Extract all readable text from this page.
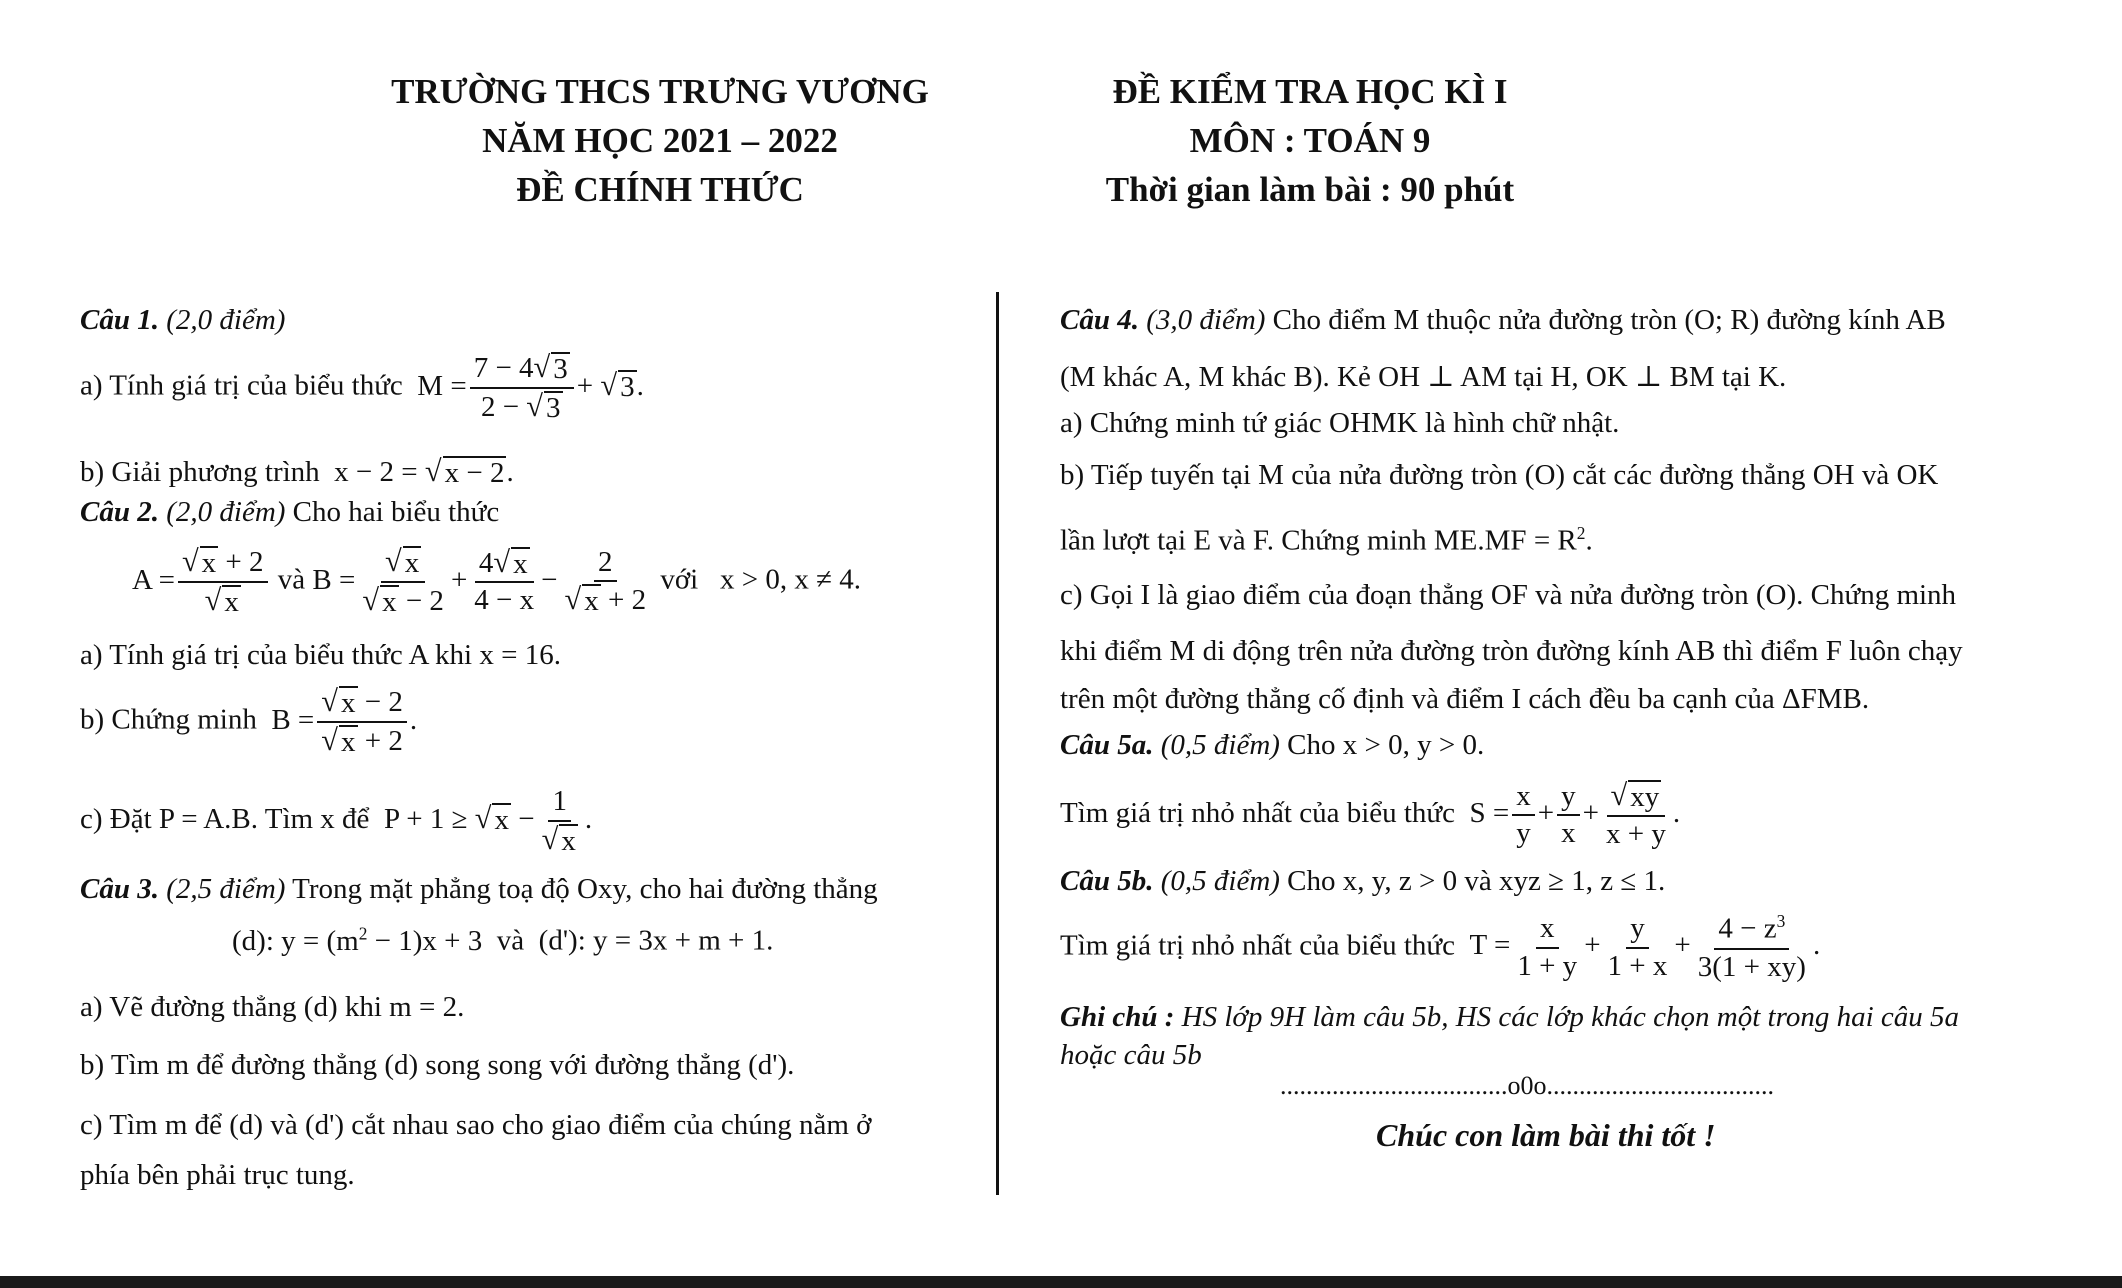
TRƯỜNG THCS TRƯNG VƯƠNG
NĂM HỌC 2021 – 2022
ĐỀ CHÍNH THỨC
ĐỀ KIỂM TRA HỌC KÌ I
MÔN : TOÁN 9
Thời gian làm bài : 90 phút
Câu 1. (2,0 điểm)
a) Tính giá trị của biểu thức  $M = \frac{7 - 4 √ 3}{2 - √ 3}$ + √ 3 .
b) Giải phương trình  x − 2 = √ x − 2 .
Câu 2. (2,0 điểm) Cho hai biểu thức
$A = \frac{√ x + 2}{√ x}$ và $B = \frac{√ x}{√ x - 2} + \frac{4 √ x}{4 - x} - \frac{2}{√ x + 2}$ với x > 0, x ≠ 4.
a) Tính giá trị của biểu thức A khi x = 16.
b) Chứng minh  $B = \frac{√ x - 2}{√ x + 2}$ .
c) Đặt P = A.B. Tìm x để  P + 1 ≥ √ $x - \frac{1}{√ x}$ .
Câu 3. (2,5 điểm) Trong mặt phẳng toạ độ Oxy, cho hai đường thẳng
(d): $y = (m^2 - 1)x + 3$ và (d'): y = 3x + m + 1.
a) Vẽ đường thẳng (d) khi m = 2.
b) Tìm m để đường thẳng (d) song song với đường thẳng (d').
c) Tìm m để (d) và (d') cắt nhau sao cho giao điểm của chúng nằm ở
phía bên phải trục tung.
Câu 4. (3,0 điểm) Cho điểm M thuộc nửa đường tròn (O; R) đường kính AB
(M khác A, M khác B). Kẻ OH ⊥ AM tại H, OK ⊥ BM tại K.
a) Chứng minh tứ giác OHMK là hình chữ nhật.
b) Tiếp tuyến tại M của nửa đường tròn (O) cắt các đường thẳng OH và OK
lần lượt tại E và F. Chứng minh $ME.MF = R^2$.
c) Gọi I là giao điểm của đoạn thẳng OF và nửa đường tròn (O). Chứng minh
khi điểm M di động trên nửa đường tròn đường kính AB thì điểm F luôn chạy
trên một đường thẳng cố định và điểm I cách đều ba cạnh của ΔFMB.
Câu 5a. (0,5 điểm) Cho x > 0, y > 0.
Tìm giá trị nhỏ nhất của biểu thức  $S = \frac{x}{y} + \frac{y}{x} + \frac{√ xy}{x + y}$ .
Câu 5b. (0,5 điểm) Cho x, y, z > 0 và xyz ≥ 1, z ≤ 1.
Tìm giá trị nhỏ nhất của biểu thức  $T = \frac{x}{1 + y} + \frac{y}{1 + x} + \frac{4 - z^3}{3(1 + xy)}$ .
Ghi chú : HS lớp 9H làm câu 5b, HS các lớp khác chọn một trong hai câu 5a
hoặc câu 5b
...................................o0o...................................
Chúc con làm bài thi tốt !
